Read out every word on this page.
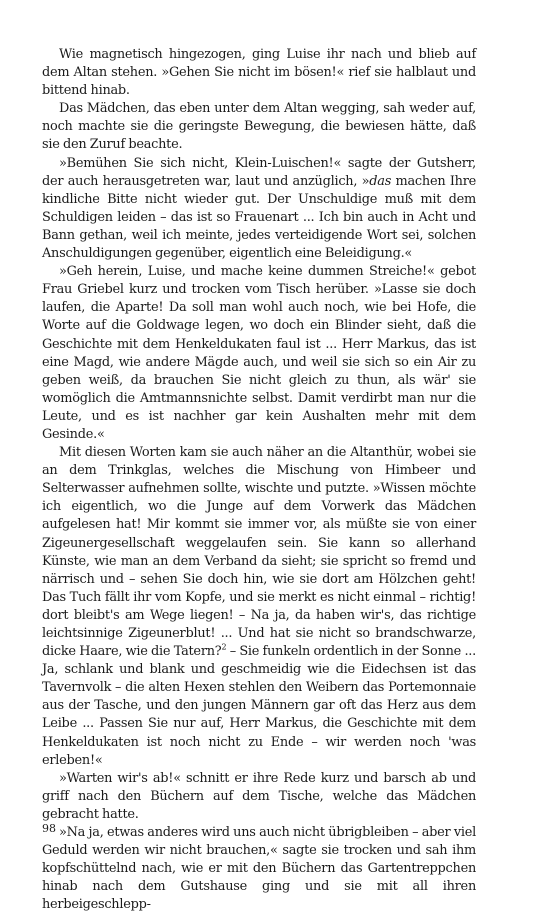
Wie magnetisch hingezogen, ging Luise ihr nach und blieb auf dem Altan stehen. »Gehen Sie nicht im bösen!« rief sie halblaut und bittend hinab.

Das Mädchen, das eben unter dem Altan wegging, sah weder auf, noch machte sie die geringste Bewegung, die bewiesen hätte, daß sie den Zuruf beachte.

»Bemühen Sie sich nicht, Klein-Luischen!« sagte der Gutsherr, der auch herausgetreten war, laut und anzüglich, »das machen Ihre kindliche Bitte nicht wieder gut. Der Unschuldige muß mit dem Schuldigen leiden – das ist so Frauenart ... Ich bin auch in Acht und Bann gethan, weil ich meinte, jedes verteidigende Wort sei, solchen Anschuldigungen gegenüber, eigentlich eine Beleidigung.«

»Geh herein, Luise, und mache keine dummen Streiche!« gebot Frau Griebel kurz und trocken vom Tisch herüber. »Lasse sie doch laufen, die Aparte! Da soll man wohl auch noch, wie bei Hofe, die Worte auf die Goldwage legen, wo doch ein Blinder sieht, daß die Geschichte mit dem Henkeldukaten faul ist ... Herr Markus, das ist eine Magd, wie andere Mägde auch, und weil sie sich so ein Air zu geben weiß, da brauchen Sie nicht gleich zu thun, als wär' sie womöglich die Amtmannsnichte selbst. Damit verdirbt man nur die Leute, und es ist nachher gar kein Aushalten mehr mit dem Gesinde.«

Mit diesen Worten kam sie auch näher an die Altanthür, wobei sie an dem Trinkglas, welches die Mischung von Himbeer und Selterwasser aufnehmen sollte, wischte und putzte. »Wissen möchte ich eigentlich, wo die Junge auf dem Vorwerk das Mädchen aufgelesen hat! Mir kommt sie immer vor, als müßte sie von einer Zigeunergesellschaft weggelaufen sein. Sie kann so allerhand Künste, wie man an dem Verband da sieht; sie spricht so fremd und närrisch und – sehen Sie doch hin, wie sie dort am Hölzchen geht! Das Tuch fällt ihr vom Kopfe, und sie merkt es nicht einmal – richtig! dort bleibt's am Wege liegen! – Na ja, da haben wir's, das richtige leichtsinnige Zigeunerblut! ... Und hat sie nicht so brandschwarze, dicke Haare, wie die Tatern?$^2$ – Sie funkeln ordentlich in der Sonne ... Ja, schlank und blank und geschmeidig wie die Eidechsen ist das Tavernvolk – die alten Hexen stehlen den Weibern das Portemonnaie aus der Tasche, und den jungen Männern gar oft das Herz aus dem Leibe ... Passen Sie nur auf, Herr Markus, die Geschichte mit dem Henkeldukaten ist noch nicht zu Ende – wir werden noch 'was erleben!«

»Warten wir's ab!« schnitt er ihre Rede kurz und barsch ab und griff nach den Büchern auf dem Tische, welche das Mädchen gebracht hatte.

»Na ja, etwas anderes wird uns auch nicht übrigbleiben – aber viel Geduld werden wir nicht brauchen,« sagte sie trocken und sah ihm kopfschüttelnd nach, wie er mit den Büchern das Gartentreppchen hinab nach dem Gutshause ging und sie mit all ihren herbeigeschlepp-

98
